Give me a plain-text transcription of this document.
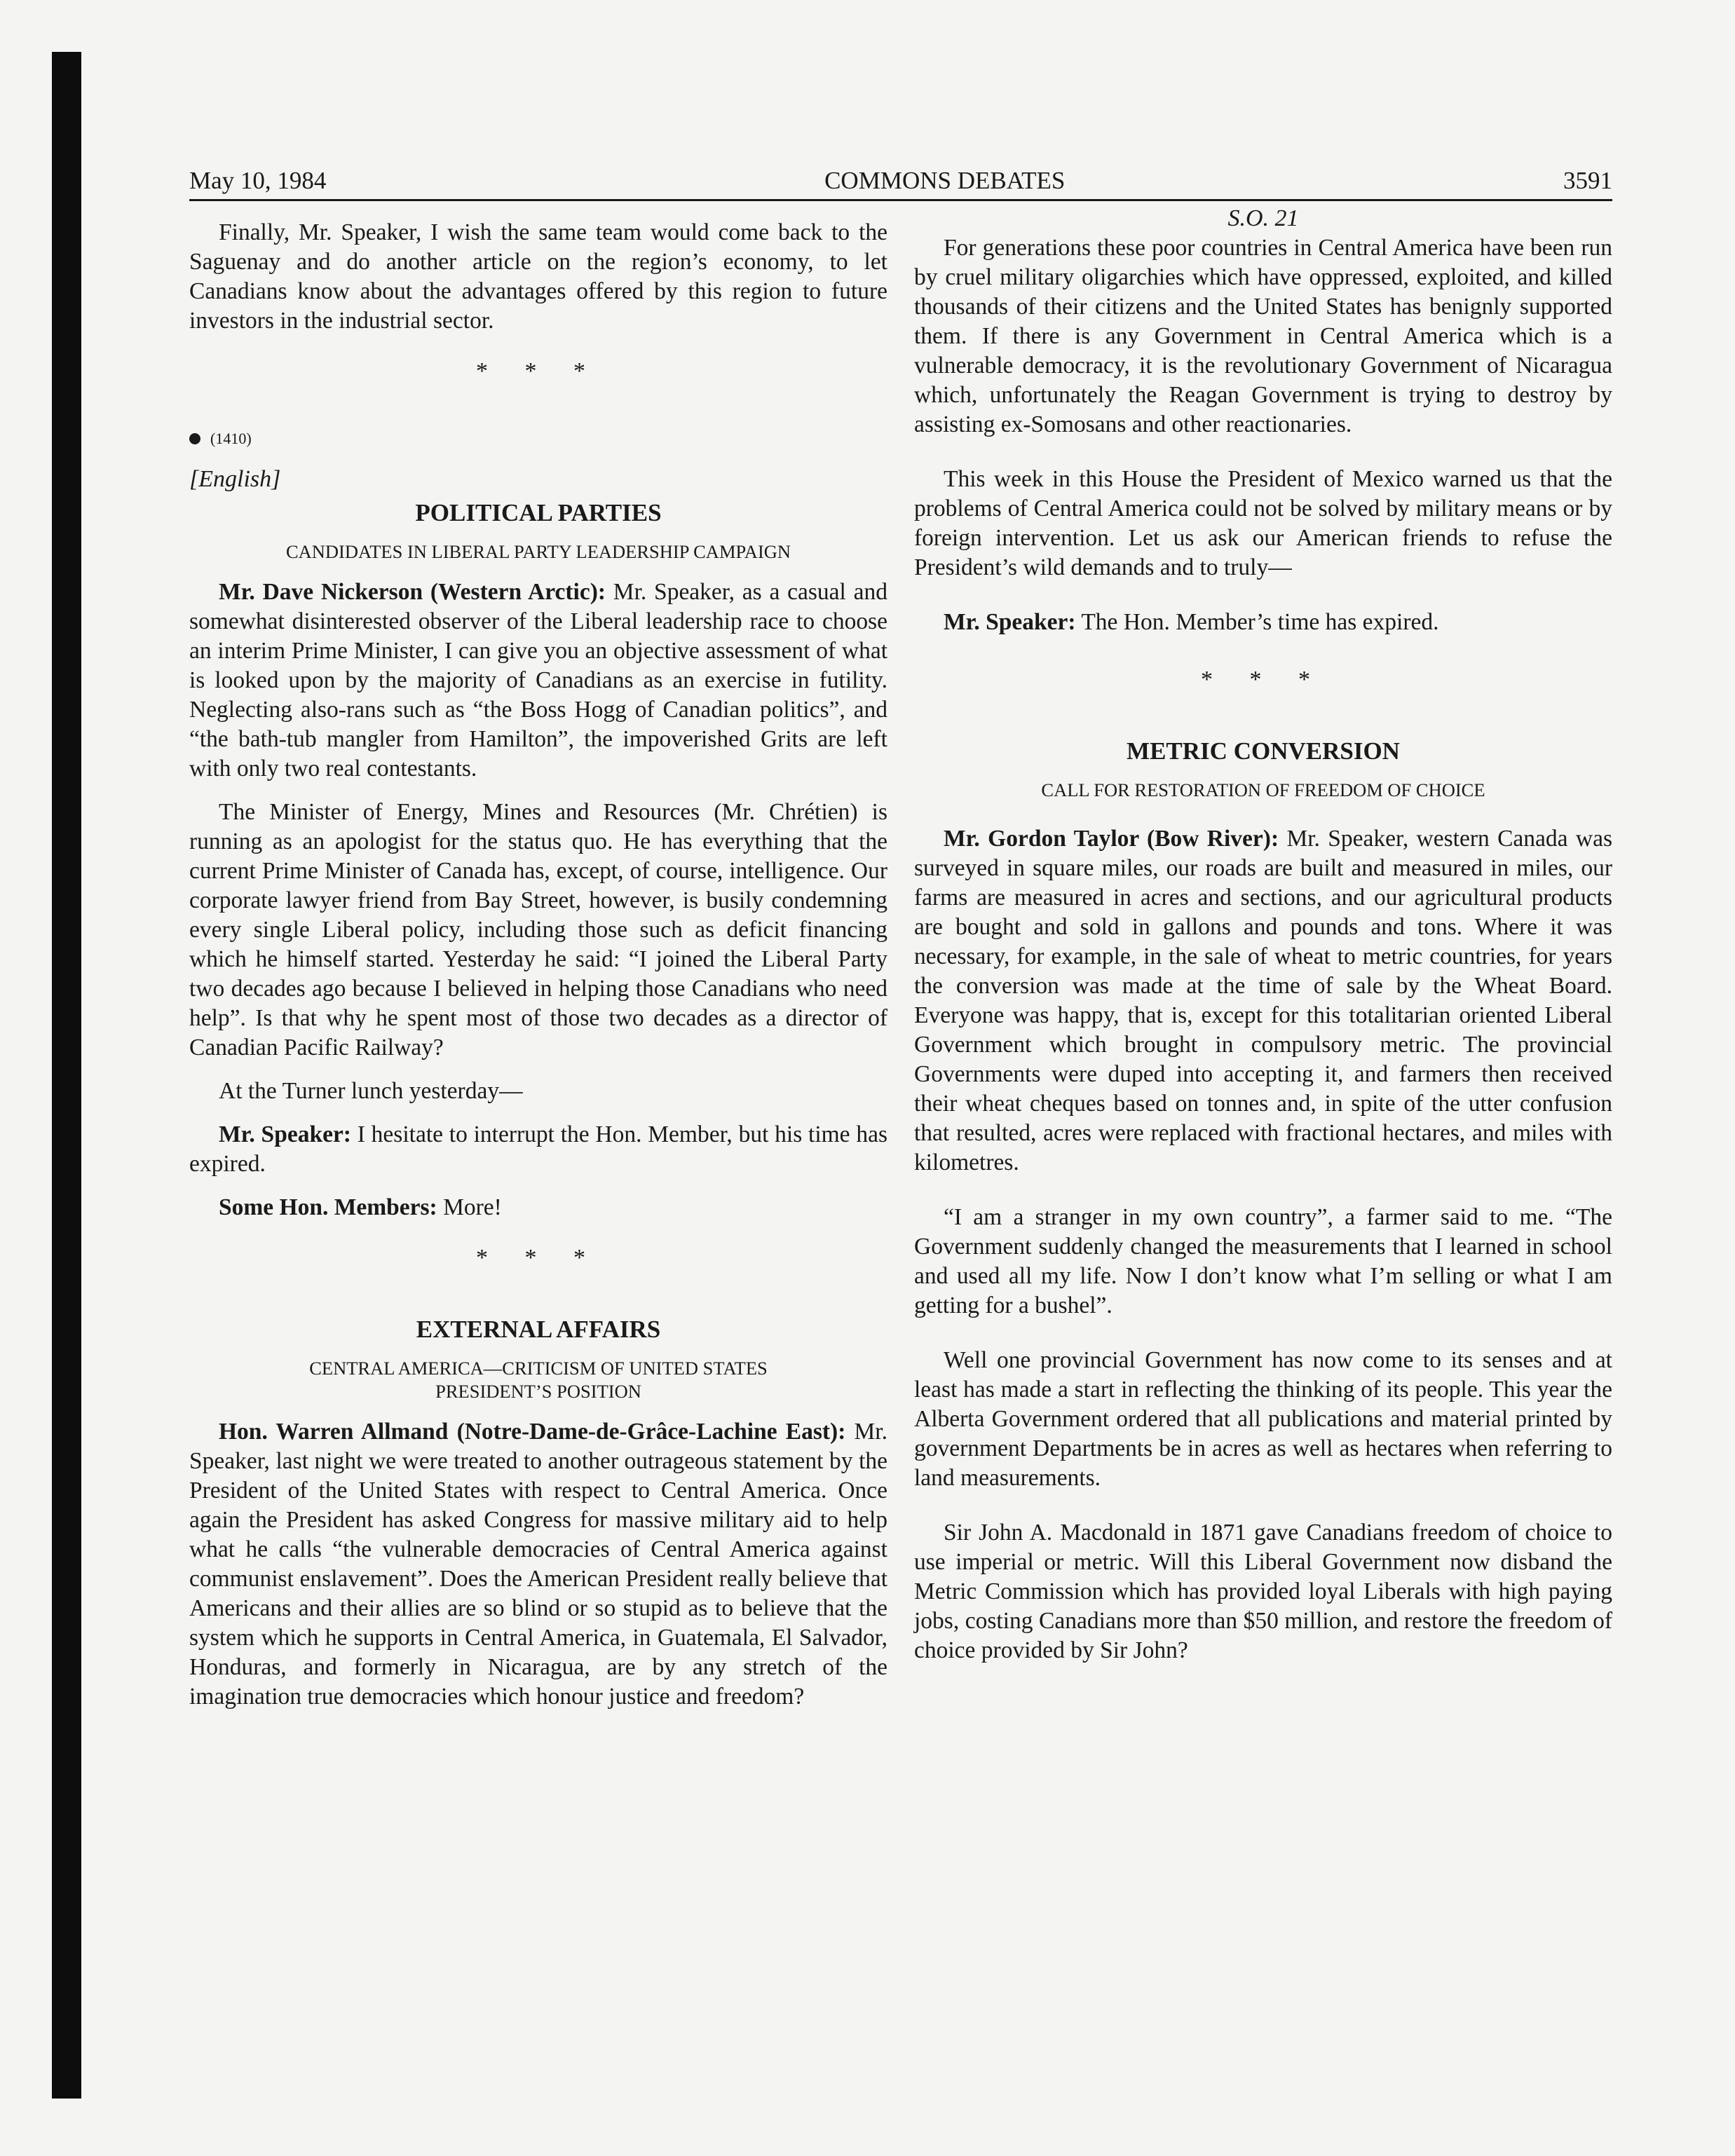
May 10, 1984	COMMONS DEBATES	3591

Finally, Mr. Speaker, I wish the same team would come back to the Saguenay and do another article on the region’s economy, to let Canadians know about the advantages offered by this region to future investors in the industrial sector.

* * *
(1410)
[English]
POLITICAL PARTIES
CANDIDATES IN LIBERAL PARTY LEADERSHIP CAMPAIGN

Mr. Dave Nickerson (Western Arctic): Mr. Speaker, as a casual and somewhat disinterested observer of the Liberal leadership race to choose an interim Prime Minister, I can give you an objective assessment of what is looked upon by the majority of Canadians as an exercise in futility. Neglecting also-rans such as “the Boss Hogg of Canadian politics”, and “the bath-tub mangler from Hamilton”, the impoverished Grits are left with only two real contestants.

The Minister of Energy, Mines and Resources (Mr. Chrétien) is running as an apologist for the status quo. He has everything that the current Prime Minister of Canada has, except, of course, intelligence. Our corporate lawyer friend from Bay Street, however, is busily condemning every single Liberal policy, including those such as deficit financing which he himself started. Yesterday he said: “I joined the Liberal Party two decades ago because I believed in helping those Canadians who need help”. Is that why he spent most of those two decades as a director of Canadian Pacific Railway?

At the Turner lunch yesterday—

Mr. Speaker: I hesitate to interrupt the Hon. Member, but his time has expired.

Some Hon. Members: More!

* * *
EXTERNAL AFFAIRS
CENTRAL AMERICA—CRITICISM OF UNITED STATES
PRESIDENT’S POSITION

Hon. Warren Allmand (Notre-Dame-de-Grâce-Lachine East): Mr. Speaker, last night we were treated to another outrageous statement by the President of the United States with respect to Central America. Once again the President has asked Congress for massive military aid to help what he calls “the vulnerable democracies of Central America against communist enslavement”. Does the American President really believe that Americans and their allies are so blind or so stupid as to believe that the system which he supports in Central America, in Guatemala, El Salvador, Honduras, and formerly in Nicaragua, are by any stretch of the imagination true democracies which honour justice and freedom?

S.O. 21

For generations these poor countries in Central America have been run by cruel military oligarchies which have oppressed, exploited, and killed thousands of their citizens and the United States has benignly supported them. If there is any Government in Central America which is a vulnerable democracy, it is the revolutionary Government of Nicaragua which, unfortunately the Reagan Government is trying to destroy by assisting ex-Somosans and other reactionaries.

This week in this House the President of Mexico warned us that the problems of Central America could not be solved by military means or by foreign intervention. Let us ask our American friends to refuse the President’s wild demands and to truly—

Mr. Speaker: The Hon. Member’s time has expired.

* * *
METRIC CONVERSION
CALL FOR RESTORATION OF FREEDOM OF CHOICE

Mr. Gordon Taylor (Bow River): Mr. Speaker, western Canada was surveyed in square miles, our roads are built and measured in miles, our farms are measured in acres and sections, and our agricultural products are bought and sold in gallons and pounds and tons. Where it was necessary, for example, in the sale of wheat to metric countries, for years the conversion was made at the time of sale by the Wheat Board. Everyone was happy, that is, except for this totalitarian oriented Liberal Government which brought in compulsory metric. The provincial Governments were duped into accepting it, and farmers then received their wheat cheques based on tonnes and, in spite of the utter confusion that resulted, acres were replaced with fractional hectares, and miles with kilometres.

“I am a stranger in my own country”, a farmer said to me. “The Government suddenly changed the measurements that I learned in school and used all my life. Now I don’t know what I’m selling or what I am getting for a bushel”.

Well one provincial Government has now come to its senses and at least has made a start in reflecting the thinking of its people. This year the Alberta Government ordered that all publications and material printed by government Departments be in acres as well as hectares when referring to land measurements.

Sir John A. Macdonald in 1871 gave Canadians freedom of choice to use imperial or metric. Will this Liberal Government now disband the Metric Commission which has provided loyal Liberals with high paying jobs, costing Canadians more than $50 million, and restore the freedom of choice provided by Sir John?
